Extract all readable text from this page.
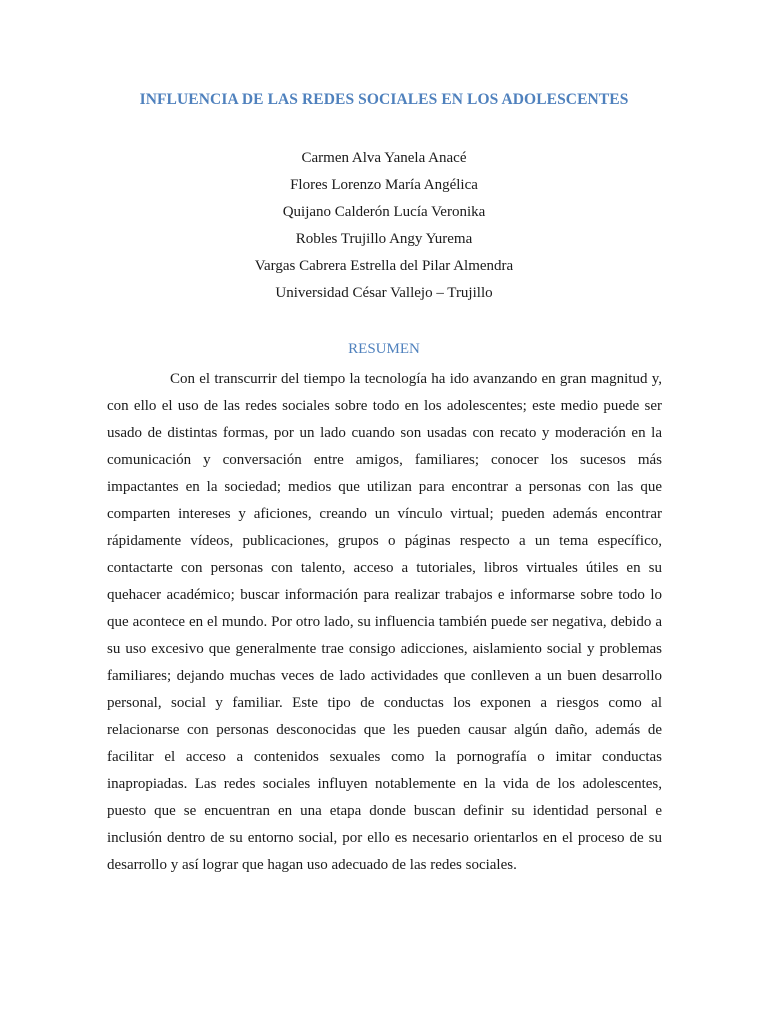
INFLUENCIA DE LAS REDES SOCIALES EN LOS ADOLESCENTES
Carmen Alva Yanela Anacé
Flores Lorenzo María Angélica
Quijano Calderón Lucía Veronika
Robles Trujillo Angy Yurema
Vargas Cabrera Estrella del Pilar Almendra
Universidad César Vallejo – Trujillo
RESUMEN

Con el transcurrir del tiempo la tecnología ha ido avanzando en gran magnitud y, con ello el uso de las redes sociales sobre todo en los adolescentes; este medio puede ser usado de distintas formas, por un lado cuando son usadas con recato y moderación en la comunicación y conversación entre amigos, familiares; conocer los sucesos más impactantes en la sociedad; medios que utilizan para encontrar a personas con las que comparten intereses y aficiones, creando un vínculo virtual; pueden además encontrar rápidamente vídeos, publicaciones, grupos o páginas respecto a un tema específico, contactarte con personas con talento, acceso a tutoriales, libros virtuales útiles en su quehacer académico; buscar información para realizar trabajos e informarse sobre todo lo que acontece en el mundo. Por otro lado, su influencia también puede ser negativa, debido a su uso excesivo que generalmente trae consigo adicciones, aislamiento social y problemas familiares; dejando muchas veces de lado actividades que conlleven a un buen desarrollo personal, social y familiar. Este tipo de conductas los exponen a riesgos como al relacionarse con personas desconocidas que les pueden causar algún daño, además de facilitar el acceso a contenidos sexuales como la pornografía o imitar conductas inapropiadas. Las redes sociales influyen notablemente en la vida de los adolescentes, puesto que se encuentran en una etapa donde buscan definir su identidad personal e inclusión dentro de su entorno social, por ello es necesario orientarlos en el proceso de su desarrollo y así lograr que hagan uso adecuado de las redes sociales.
